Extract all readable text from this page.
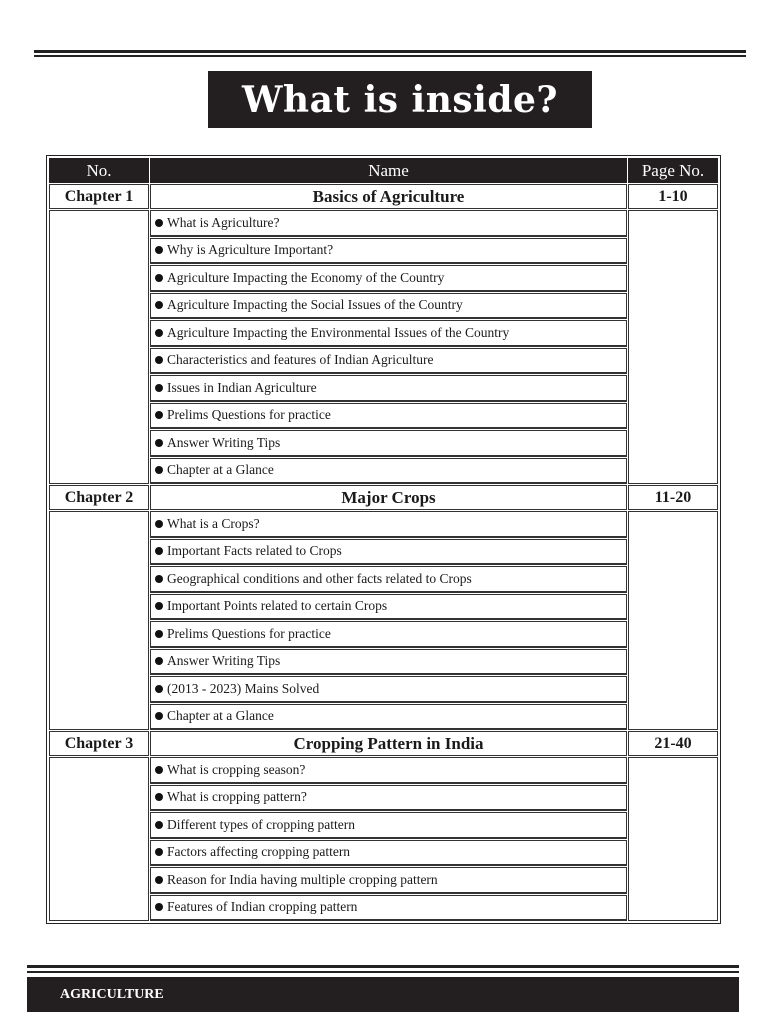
What is inside?
No.	Name	Page No.
Chapter 1	Basics of Agriculture	1-10
	What is Agriculture?	
	Why is Agriculture Important?	
	Agriculture Impacting the Economy of the Country	
	Agriculture Impacting the Social Issues of the Country	
	Agriculture Impacting the Environmental Issues of the Country	
	Characteristics and features of Indian Agriculture	
	Issues in Indian Agriculture	
	Prelims Questions for practice	
	Answer Writing Tips	
	Chapter at a Glance	
Chapter 2	Major Crops	11-20
	What is a Crops?	
	Important Facts related to Crops	
	Geographical conditions and other facts related to Crops	
	Important Points related to certain Crops	
	Prelims Questions for practice	
	Answer Writing Tips	
	(2013 - 2023) Mains Solved	
	Chapter at a Glance	
Chapter 3	Cropping Pattern in India	21-40
	What is cropping season?	
	What is cropping pattern?	
	Different types of cropping pattern	
	Factors affecting cropping pattern	
	Reason for India having multiple cropping pattern	
	Features of Indian cropping pattern	
AGRICULTURE
